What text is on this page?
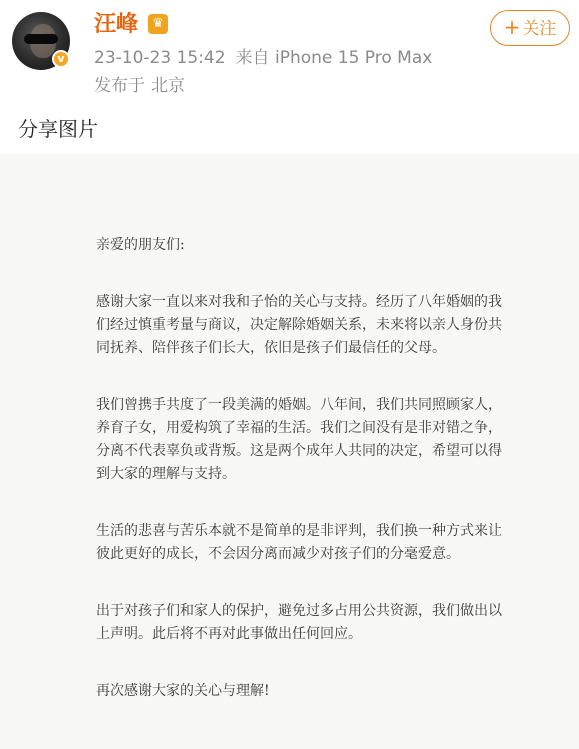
v
汪峰	♛
23-10-23 15:42 来自 iPhone 15 Pro Max
发布于 北京
+ 关注
分享图片

亲爱的朋友们:

感谢大家一直以来对我和子怡的关心与支持。经历了八年婚姻的我们经过慎重考量与商议，决定解除婚姻关系，未来将以亲人身份共同抚养、陪伴孩子们长大，依旧是孩子们最信任的父母。

我们曾携手共度了一段美满的婚姻。八年间，我们共同照顾家人，养育子女，用爱构筑了幸福的生活。我们之间没有是非对错之争，分离不代表辜负或背叛。这是两个成年人共同的决定，希望可以得到大家的理解与支持。

生活的悲喜与苦乐本就不是简单的是非评判，我们换一种方式来让彼此更好的成长，不会因分离而减少对孩子们的分毫爱意。

出于对孩子们和家人的保护，避免过多占用公共资源，我们做出以上声明。此后将不再对此事做出任何回应。

再次感谢大家的关心与理解!
